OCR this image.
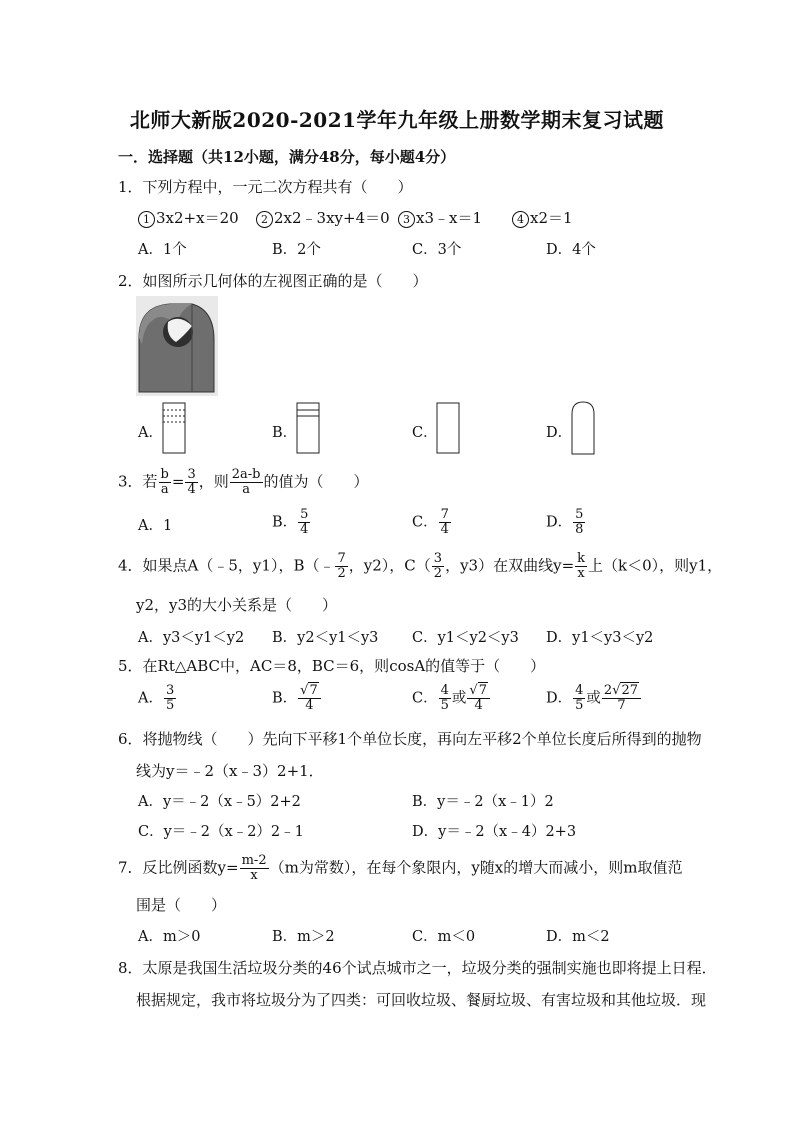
北师大新版2020-2021学年九年级上册数学期末复习试题
一．选择题（共12小题，满分48分，每小题4分）
1．下列方程中，一元二次方程共有（　　）
1 3x2+x＝20	2 2x2﹣3xy+4＝0	3 x3﹣x＝1	4 x2＝1
A．1个	B．2个	C．3个	D．4个
2．如图所示几何体的左视图正确的是（　　）
A．	B．	C．	D．
3．若 $\frac{b}{a} = \frac{3}{4}$ ，则 $\frac{2a-b}{a}$ 的值为（　　）
A．1	B． $\frac{5}{4}$	C． $\frac{7}{4}$	D． $\frac{5}{8}$
4．如果点A（﹣5，y1），B（﹣ $\frac{7}{2}$ ，y2），$C( \frac{3}{2}$ ，y3）在双曲线$y= \frac{k}{x}$ 上（k＜0），则y1，
y2，y3的大小关系是（　　）
A．y3＜y1＜y2 B．y2＜y1＜y3 C．y1＜y2＜y3 D．y1＜y3＜y2
5．在Rt△ABC中，AC＝8，BC＝6，则cosA的值等于（　　）
A． $\frac{3}{5}$	B． $\frac{√7}{4}$	C． $\frac{4}{5}$ 或 $\frac{√7}{4}$	D． $\frac{4}{5}$ 或 $\frac{2√27}{7}$
6．将抛物线（　　）先向下平移1个单位长度，再向左平移2个单位长度后所得到的抛物
线为y＝﹣2（x﹣3）2+1．
A．y＝﹣2（x﹣5）2+2	B．y＝﹣2（x﹣1）2
C．y＝﹣2（x﹣2）2﹣1	D．y＝﹣2（x﹣4）2+3
7．反比例函数$y= \frac{m-2}{x} (m$为常数），在每个象限内，y随x的增大而减小，则m取值范
围是（　　）
A．m＞0	B．m＞2	C．m＜0	D．m＜2
8．太原是我国生活垃圾分类的46个试点城市之一，垃圾分类的强制实施也即将提上日程．
根据规定，我市将垃圾分为了四类：可回收垃圾、餐厨垃圾、有害垃圾和其他垃圾．现
